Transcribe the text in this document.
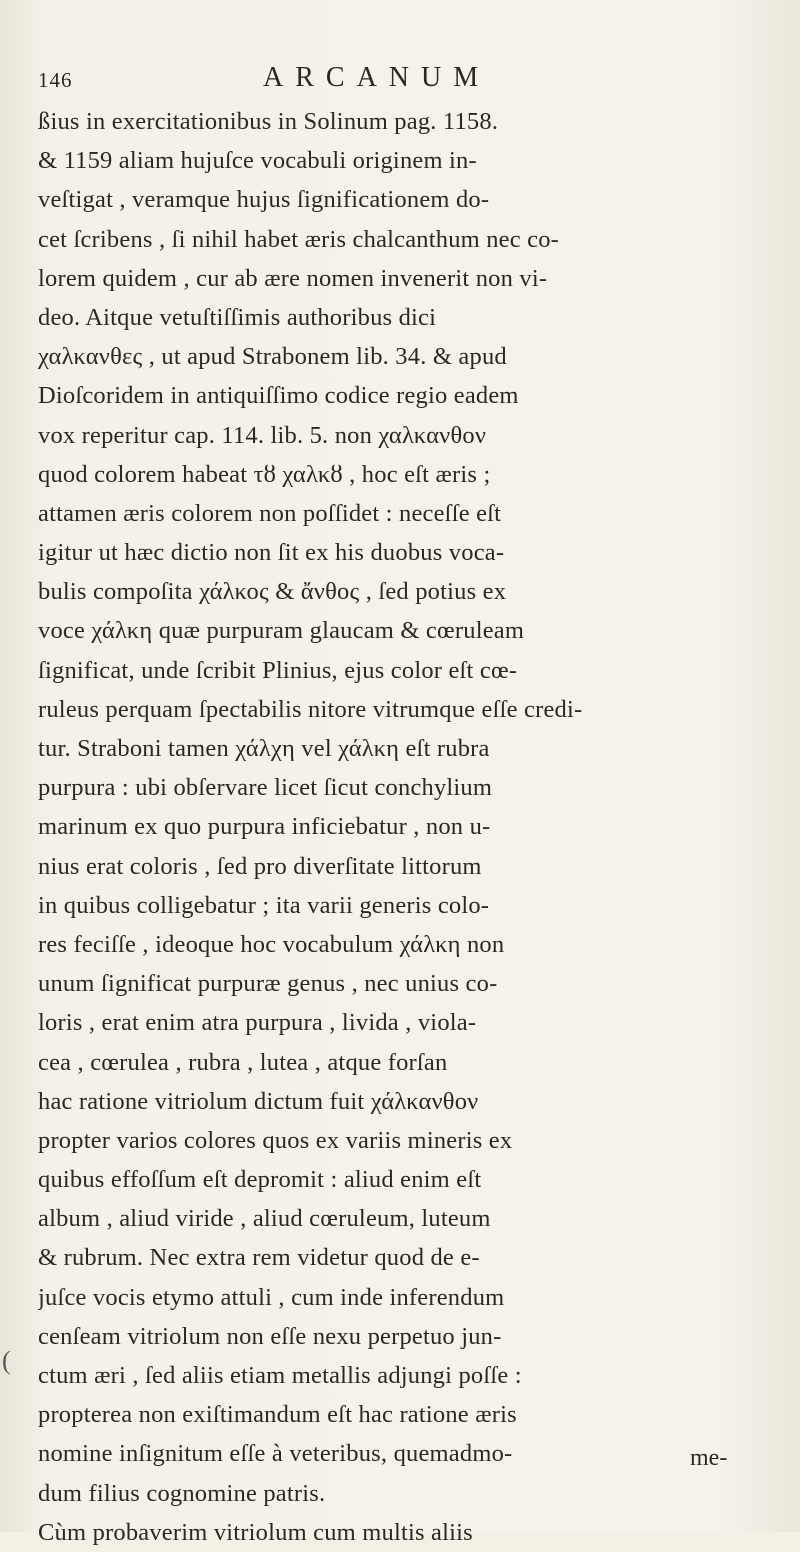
146	ARCANUM
ßius in exercitationibus in Solinum pag. 1158.
& 1159 aliam hujuſce vocabuli originem in-
veſtigat , veramque hujus ſignificationem do-
cet ſcribens , ſi nihil habet æris chalcanthum nec co-
lorem quidem , cur ab ære nomen invenerit non vi-
deo. Aitque vetuſtiſſimis authoribus dici
χαλκανθες , ut apud Strabonem lib. 34. & apud
Dioſcoridem in antiquiſſimo codice regio eadem
vox reperitur cap. 114. lib. 5. non χαλκανθον
quod colorem habeat τȣ χαλκȣ , hoc eſt æris ;
attamen æris colorem non poſſidet : neceſſe eſt
igitur ut hæc dictio non ſit ex his duobus voca-
bulis compoſita χάλκος & ἄνθος , ſed potius ex
voce χάλκη quæ purpuram glaucam & cœruleam
ſignificat, unde ſcribit Plinius, ejus color eſt cœ-
ruleus perquam ſpectabilis nitore vitrumque eſſe credi-
tur. Straboni tamen χάλχη vel χάλκη eſt rubra
purpura : ubi obſervare licet ſicut conchylium
marinum ex quo purpura inficiebatur , non u-
nius erat coloris , ſed pro diverſitate littorum
in quibus colligebatur ; ita varii generis colo-
res feciſſe , ideoque hoc vocabulum χάλκη non
unum ſignificat purpuræ genus , nec unius co-
loris , erat enim atra purpura , livida , viola-
cea , cœrulea , rubra , lutea , atque forſan
hac ratione vitriolum dictum fuit χάλκανθον
propter varios colores quos ex variis mineris ex
quibus effoſſum eſt depromit : aliud enim eſt
album , aliud viride , aliud cœruleum, luteum
& rubrum. Nec extra rem videtur quod de e-
juſce vocis etymo attuli , cum inde inferendum
cenſeam vitriolum non eſſe nexu perpetuo jun-
ctum æri , ſed aliis etiam metallis adjungi poſſe :
propterea non exiſtimandum eſt hac ratione æris
nomine inſignitum eſſe à veteribus, quemadmo-
dum filius cognomine patris.
Cùm probaverim vitriolum cum multis aliis
me-
(
